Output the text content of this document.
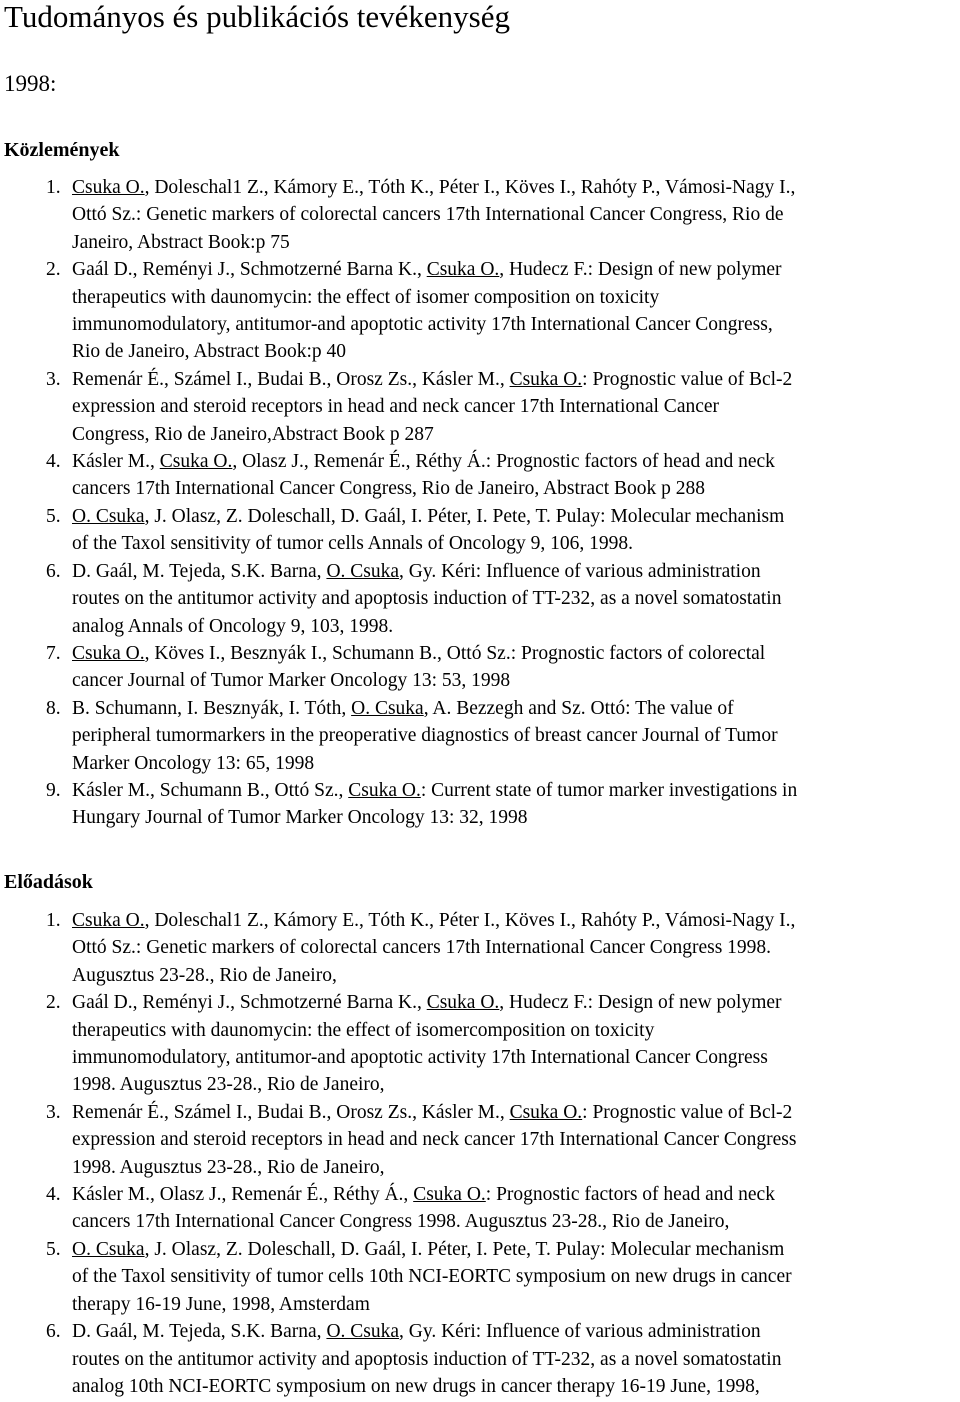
Tudományos és publikációs tevékenység
1998:
Közlemények
1. Csuka O., Doleschal1 Z., Kámory E., Tóth K., Péter I., Köves I., Rahóty P., Vámosi-Nagy I.,
Ottó Sz.: Genetic markers of colorectal cancers 17th International Cancer Congress, Rio de
Janeiro, Abstract Book:p 75
2. Gaál D., Reményi J., Schmotzerné Barna K., Csuka O., Hudecz F.: Design of new polymer
therapeutics with daunomycin: the effect of isomer composition on toxicity
immunomodulatory, antitumor-and apoptotic activity 17th International Cancer Congress,
Rio de Janeiro, Abstract Book:p 40
3. Remenár É., Számel I., Budai B., Orosz Zs., Kásler M., Csuka O.: Prognostic value of Bcl-2
expression and steroid receptors in head and neck cancer 17th International Cancer
Congress, Rio de Janeiro,Abstract Book p 287
4. Kásler M., Csuka O., Olasz J., Remenár É., Réthy Á.: Prognostic factors of head and neck
cancers 17th International Cancer Congress, Rio de Janeiro, Abstract Book p 288
5. O. Csuka, J. Olasz, Z. Doleschall, D. Gaál, I. Péter, I. Pete, T. Pulay: Molecular mechanism
of the Taxol sensitivity of tumor cells Annals of Oncology 9, 106, 1998.
6. D. Gaál, M. Tejeda, S.K. Barna, O. Csuka, Gy. Kéri: Influence of various administration
routes on the antitumor activity and apoptosis induction of TT-232, as a novel somatostatin
analog Annals of Oncology 9, 103, 1998.
7. Csuka O., Köves I., Besznyák I., Schumann B., Ottó Sz.: Prognostic factors of colorectal
cancer Journal of Tumor Marker Oncology 13: 53, 1998
8. B. Schumann, I. Besznyák, I. Tóth, O. Csuka, A. Bezzegh and Sz. Ottó: The value of
peripheral tumormarkers in the preoperative diagnostics of breast cancer Journal of Tumor
Marker Oncology 13: 65, 1998
9. Kásler M., Schumann B., Ottó Sz., Csuka O.: Current state of tumor marker investigations in
Hungary Journal of Tumor Marker Oncology 13: 32, 1998
Előadások
1. Csuka O., Doleschal1 Z., Kámory E., Tóth K., Péter I., Köves I., Rahóty P., Vámosi-Nagy I.,
Ottó Sz.: Genetic markers of colorectal cancers 17th International Cancer Congress 1998.
Augusztus 23-28., Rio de Janeiro,
2. Gaál D., Reményi J., Schmotzerné Barna K., Csuka O., Hudecz F.: Design of new polymer
therapeutics with daunomycin: the effect of isomercomposition on toxicity
immunomodulatory, antitumor-and apoptotic activity 17th International Cancer Congress
1998. Augusztus 23-28., Rio de Janeiro,
3. Remenár É., Számel I., Budai B., Orosz Zs., Kásler M., Csuka O.: Prognostic value of Bcl-2
expression and steroid receptors in head and neck cancer 17th International Cancer Congress
1998. Augusztus 23-28., Rio de Janeiro,
4. Kásler M., Olasz J., Remenár É., Réthy Á., Csuka O.: Prognostic factors of head and neck
cancers 17th International Cancer Congress 1998. Augusztus 23-28., Rio de Janeiro,
5. O. Csuka, J. Olasz, Z. Doleschall, D. Gaál, I. Péter, I. Pete, T. Pulay: Molecular mechanism
of the Taxol sensitivity of tumor cells 10th NCI-EORTC symposium on new drugs in cancer
therapy 16-19 June, 1998, Amsterdam
6. D. Gaál, M. Tejeda, S.K. Barna, O. Csuka, Gy. Kéri: Influence of various administration
routes on the antitumor activity and apoptosis induction of TT-232, as a novel somatostatin
analog 10th NCI-EORTC symposium on new drugs in cancer therapy 16-19 June, 1998,
